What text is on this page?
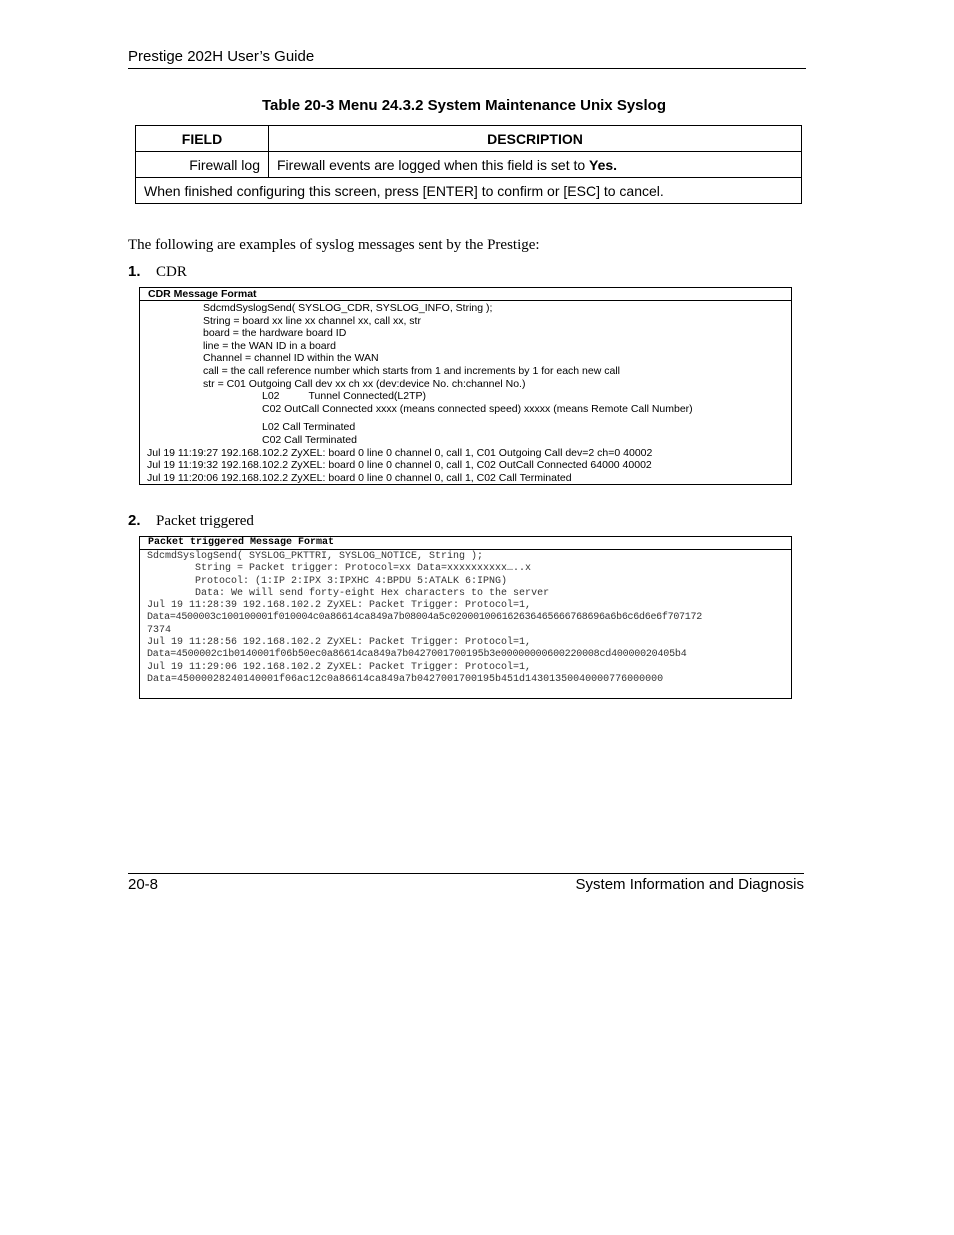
Prestige 202H User’s Guide
Table 20-3 Menu 24.3.2 System Maintenance Unix Syslog
FIELD	DESCRIPTION
Firewall log	Firewall events are logged when this field is set to Yes.
When finished configuring this screen, press [ENTER] to confirm or [ESC] to cancel.	
The following are examples of syslog messages sent by the Prestige:
1. CDR
CDR Message Format
SdcmdSyslogSend( SYSLOG_CDR, SYSLOG_INFO, String );
String = board xx line xx channel xx, call xx, str
board = the hardware board ID
line = the WAN ID in a board
Channel = channel ID within the WAN
call = the call reference number which starts from 1 and increments by 1 for each new call
str = C01 Outgoing Call dev xx ch xx (dev:device No. ch:channel No.)
L02          Tunnel Connected(L2TP)
C02 OutCall Connected xxxx (means connected speed) xxxxx (means Remote Call Number)
L02 Call Terminated
C02 Call Terminated
Jul 19 11:19:27 192.168.102.2 ZyXEL: board 0 line 0 channel 0, call 1, C01 Outgoing Call dev=2 ch=0 40002
Jul 19 11:19:32 192.168.102.2 ZyXEL: board 0 line 0 channel 0, call 1, C02 OutCall Connected 64000 40002
Jul 19 11:20:06 192.168.102.2 ZyXEL: board 0 line 0 channel 0, call 1, C02 Call Terminated
2. Packet triggered
Packet triggered Message Format
SdcmdSyslogSend( SYSLOG_PKTTRI, SYSLOG_NOTICE, String );
String = Packet trigger: Protocol=xx Data=xxxxxxxxxx…..x
Protocol: (1:IP 2:IPX 3:IPXHC 4:BPDU 5:ATALK 6:IPNG)
Data: We will send forty-eight Hex characters to the server
Jul 19 11:28:39 192.168.102.2 ZyXEL: Packet Trigger: Protocol=1,
Data=4500003c100100001f010004c0a86614ca849a7b08004a5c020001006162636465666768696a6b6c6d6e6f707172
7374
Jul 19 11:28:56 192.168.102.2 ZyXEL: Packet Trigger: Protocol=1,
Data=4500002c1b0140001f06b50ec0a86614ca849a7b0427001700195b3e00000000600220008cd40000020405b4
Jul 19 11:29:06 192.168.102.2 ZyXEL: Packet Trigger: Protocol=1,
Data=45000028240140001f06ac12c0a86614ca849a7b0427001700195b451d14301350040000776000000
20-8	System Information and Diagnosis
